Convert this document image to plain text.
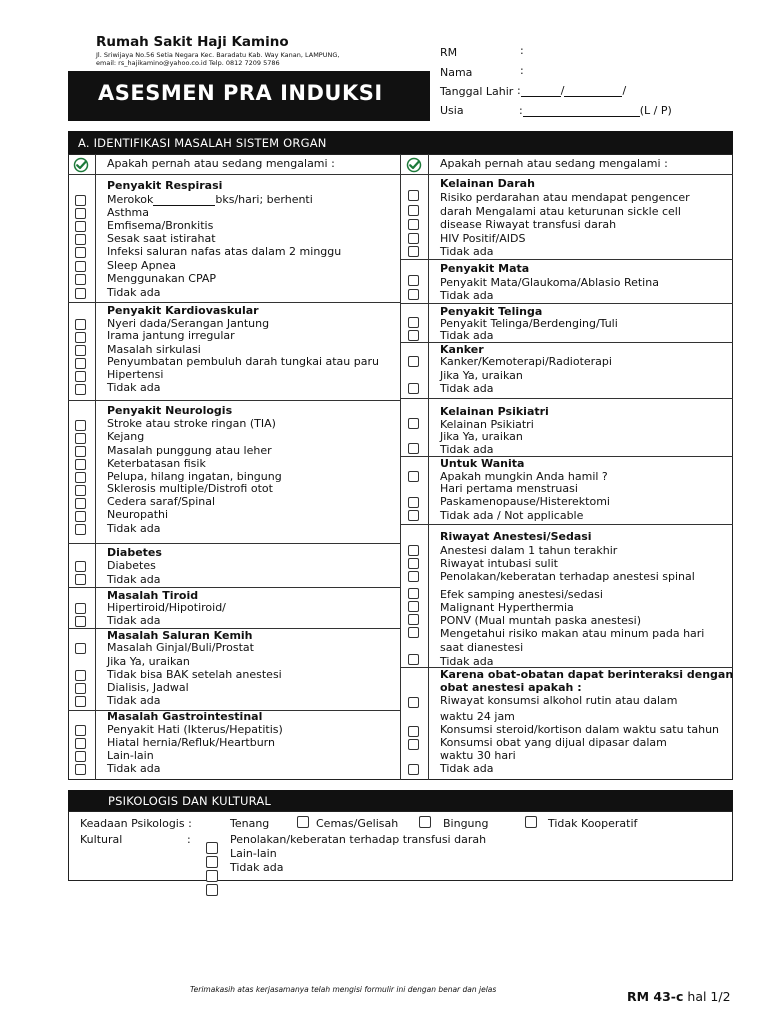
Rumah Sakit Haji Kamino
Jl. Sriwijaya No.56 Setia Negara Kec. Baradatu Kab. Way Kanan, LAMPUNG,
email: rs_hajikamino@yahoo.co.id Telp. 0812 7209 5786
ASESMEN PRA INDUKSI
RM	:
Nama	:
Tanggal Lahir :	/	/
Usia	:	(L / P)
A. IDENTIFIKASI MASALAH SISTEM ORGAN
Apakah pernah atau sedang mengalami :	Apakah pernah atau sedang mengalami :
Penyakit Respirasi
Merokok	bks/hari; berhenti
Asthma
Emfisema/Bronkitis
Sesak saat istirahat
Infeksi saluran nafas atas dalam 2 minggu
Sleep Apnea
Menggunakan CPAP
Tidak ada
Penyakit Kardiovaskular
Nyeri dada/Serangan Jantung
Irama jantung irregular
Masalah sirkulasi
Penyumbatan pembuluh darah tungkai atau paru
Hipertensi
Tidak ada
Penyakit Neurologis
Stroke atau stroke ringan (TIA)
Kejang
Masalah punggung atau leher
Keterbatasan fisik
Pelupa, hilang ingatan, bingung
Sklerosis multiple/Distrofi otot
Cedera saraf/Spinal
Neuropathi
Tidak ada
Diabetes
Diabetes
Tidak ada
Masalah Tiroid
Hipertiroid/Hipotiroid/
Tidak ada
Masalah Saluran Kemih
Masalah Ginjal/Buli/Prostat
Jika Ya, uraikan
Tidak bisa BAK setelah anestesi
Dialisis, Jadwal
Tidak ada
Masalah Gastrointestinal
Penyakit Hati (Ikterus/Hepatitis)
Hiatal hernia/Refluk/Heartburn
Lain-lain
Tidak ada
Kelainan Darah
Risiko perdarahan atau mendapat pengencer
darah Mengalami atau keturunan sickle cell
disease Riwayat transfusi darah
HIV Positif/AIDS
Tidak ada
Penyakit Mata
Penyakit Mata/Glaukoma/Ablasio Retina
Tidak ada
Penyakit Telinga
Penyakit Telinga/Berdenging/Tuli
Tidak ada
Kanker
Kanker/Kemoterapi/Radioterapi
Jika Ya, uraikan
Tidak ada
Kelainan Psikiatri
Kelainan Psikiatri
Jika Ya, uraikan
Tidak ada
Untuk Wanita
Apakah mungkin Anda hamil ?
Hari pertama menstruasi
Paskamenopause/Histerektomi
Tidak ada / Not applicable
Riwayat Anestesi/Sedasi
Anestesi dalam 1 tahun terakhir
Riwayat intubasi sulit
Penolakan/keberatan terhadap anestesi spinal
Efek samping anestesi/sedasi
Malignant Hyperthermia
PONV (Mual muntah paska anestesi)
Mengetahui risiko makan atau minum pada hari
saat dianestesi
Tidak ada
Karena obat-obatan dapat berinteraksi dengan
obat anestesi apakah :
Riwayat konsumsi alkohol rutin atau dalam
waktu 24 jam
Konsumsi steroid/kortison dalam waktu satu tahun
Konsumsi obat yang dijual dipasar dalam
waktu 30 hari
Tidak ada
PSIKOLOGIS DAN KULTURAL
Keadaan Psikologis :	Tenang	Cemas/Gelisah	Bingung	Tidak Kooperatif
Kultural	:	Penolakan/keberatan terhadap transfusi darah
Lain-lain
Tidak ada
Terimakasih atas kerjasamanya telah mengisi formulir ini dengan benar dan jelas	RM 43-c hal 1/2
